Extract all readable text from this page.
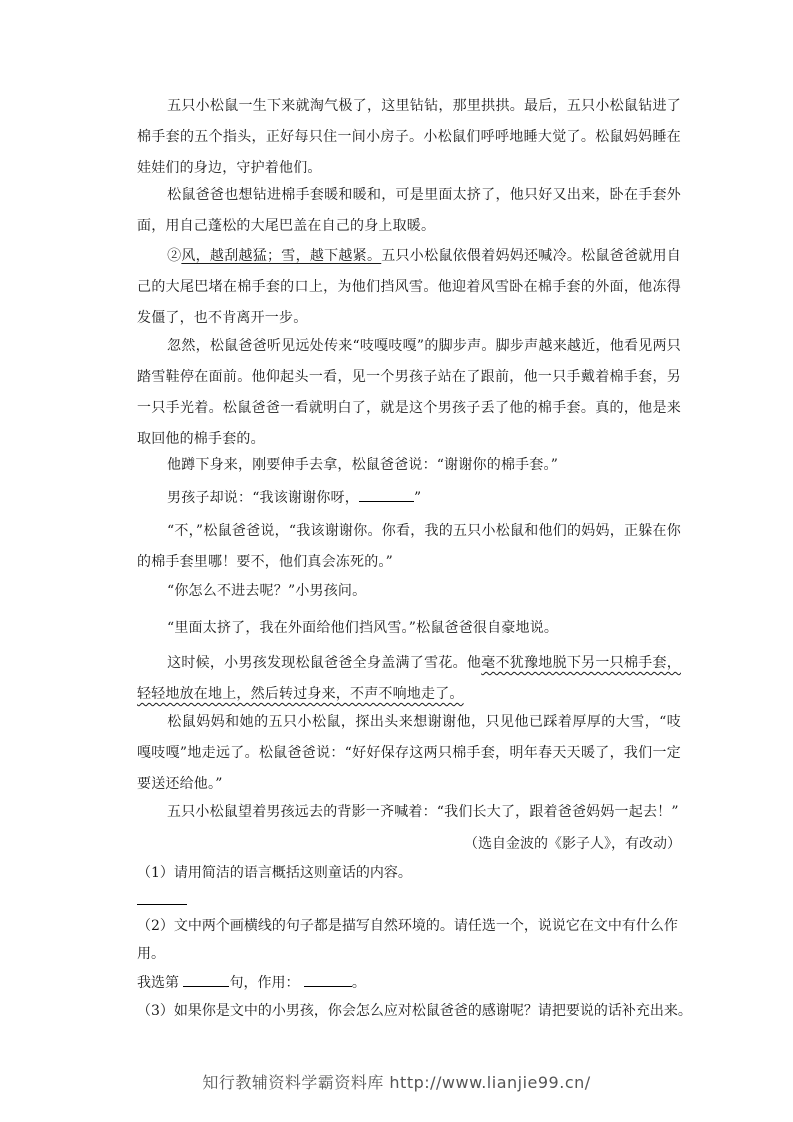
五只小松鼠一生下来就淘气极了，这里钻钻，那里拱拱。最后，五只小松鼠钻进了棉手套的五个指头，正好每只住一间小房子。小松鼠们呼呼地睡大觉了。松鼠妈妈睡在娃娃们的身边，守护着他们。
松鼠爸爸也想钻进棉手套暖和暖和，可是里面太挤了，他只好又出来，卧在手套外面，用自己蓬松的大尾巴盖在自己的身上取暖。
②风，越刮越猛；雪，越下越紧。五只小松鼠依偎着妈妈还喊冷。松鼠爸爸就用自己的大尾巴堵在棉手套的口上，为他们挡风雪。他迎着风雪卧在棉手套的外面，他冻得发僵了，也不肯离开一步。
忽然，松鼠爸爸听见远处传来“吱嘎吱嘎”的脚步声。脚步声越来越近，他看见两只踏雪鞋停在面前。他仰起头一看，见一个男孩子站在了跟前，他一只手戴着棉手套，另一只手光着。松鼠爸爸一看就明白了，就是这个男孩子丢了他的棉手套。真的，他是来取回他的棉手套的。
他蹲下身来，刚要伸手去拿，松鼠爸爸说：“谢谢你的棉手套。”
男孩子却说：“我该谢谢你呀，	”
“不，”松鼠爸爸说，“我该谢谢你。你看，我的五只小松鼠和他们的妈妈，正躲在你的棉手套里哪！要不，他们真会冻死的。”
“你怎么不进去呢？”小男孩问。
“里面太挤了，我在外面给他们挡风雪。”松鼠爸爸很自豪地说。
这时候，小男孩发现松鼠爸爸全身盖满了雪花。他毫不犹豫地脱下另一只棉手套，轻轻地放在地上，然后转过身来，不声不响地走了。
松鼠妈妈和她的五只小松鼠，探出头来想谢谢他，只见他已踩着厚厚的大雪，“吱嘎吱嘎”地走远了。松鼠爸爸说：“好好保存这两只棉手套，明年春天天暖了，我们一定要送还给他。”
五只小松鼠望着男孩远去的背影一齐喊着：“我们长大了，跟着爸爸妈妈一起去！”
（选自金波的《影子人》，有改动）
（1）请用简洁的语言概括这则童话的内容。
（2）文中两个画横线的句子都是描写自然环境的。请任选一个，说说它在文中有什么作
用。
我选第	句，作用：	。
（3）如果你是文中的小男孩，你会怎么应对松鼠爸爸的感谢呢？请把要说的话补充出来。
知行教辅资料学霸资料库 http://www.lianjie99.cn/
